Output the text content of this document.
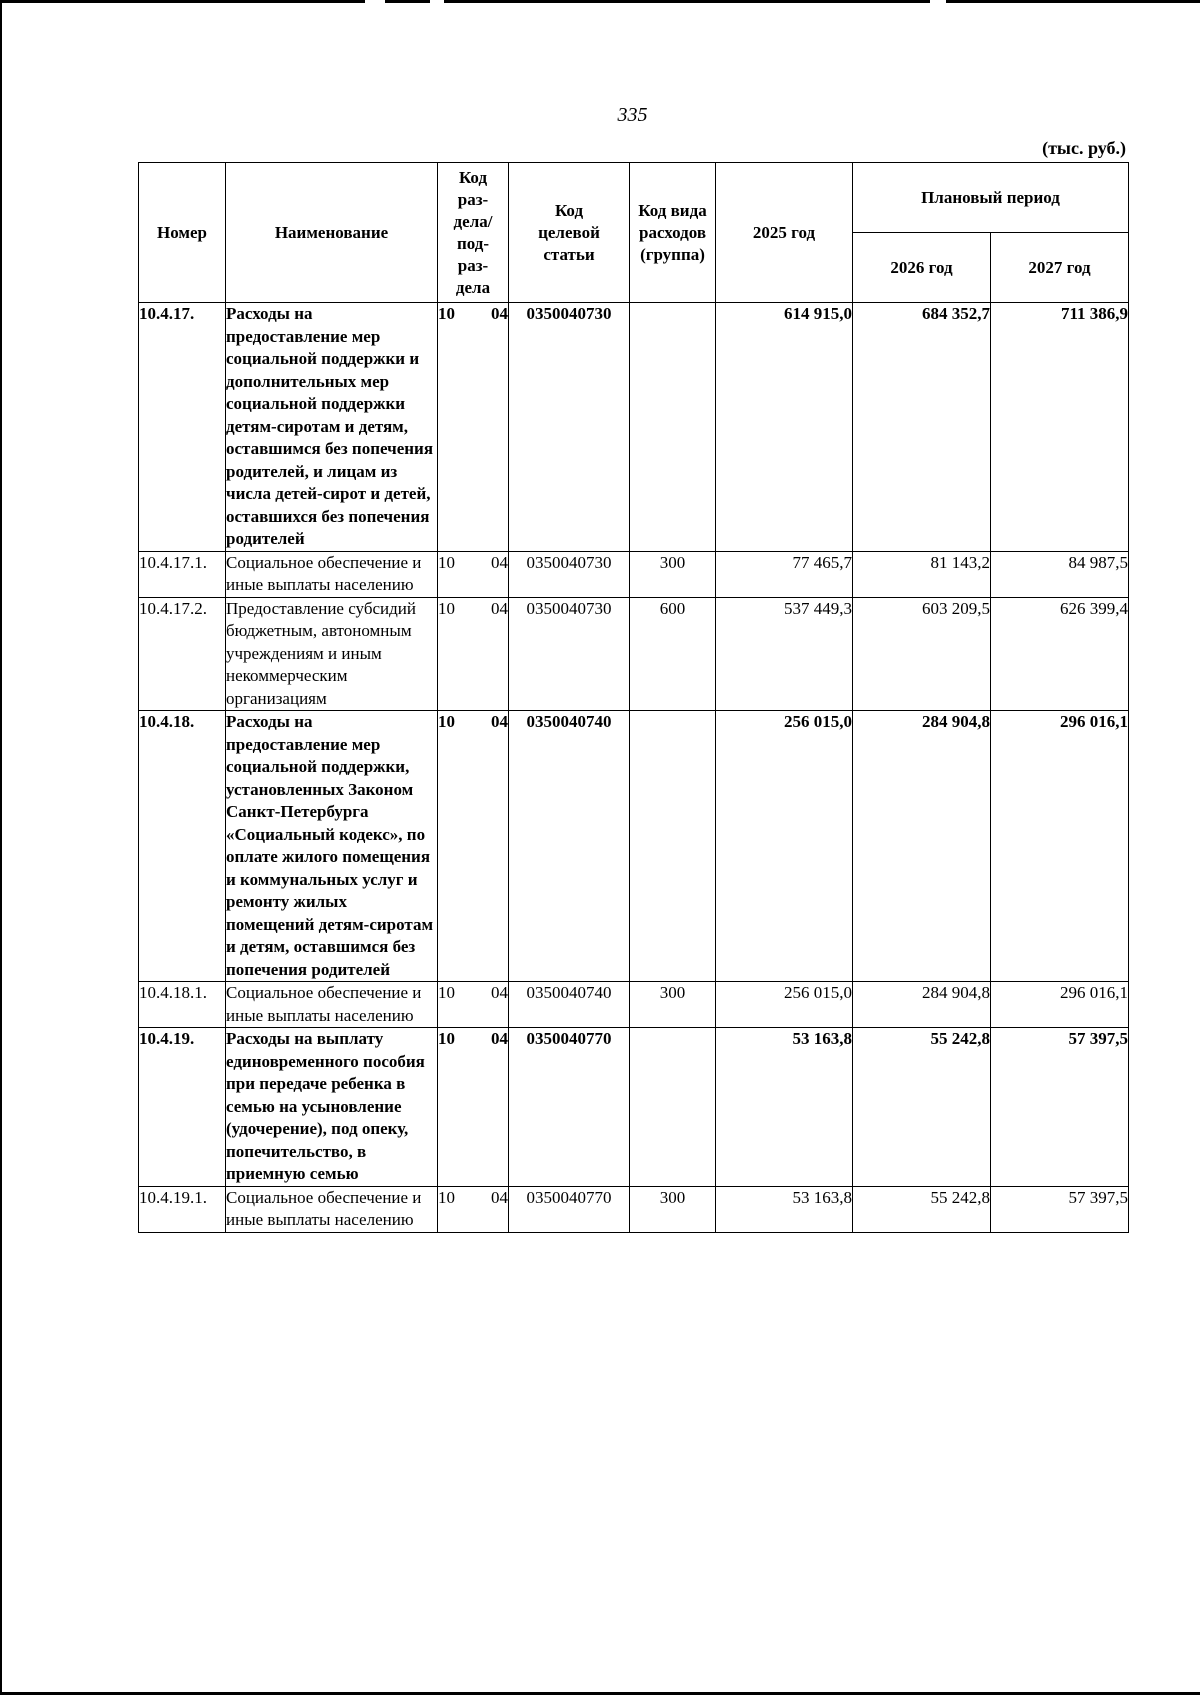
335
(тыс. руб.)
Номер	Наименование	Код раз-дела/ под-раз-дела	Код целевой статьи	Код вида расходов (группа)	2025 год	Плановый период	
						2026 год	2027 год
10.4.17.	Расходы на предоставление мер социальной поддержки и дополнительных мер социальной поддержки детям-сиротам и детям, оставшимся без попечения родителей, и лицам из числа детей-сирот и детей, оставшихся без попечения родителей	10 04	0350040730		614 915,0	684 352,7	711 386,9
10.4.17.1.	Социальное обеспечение и иные выплаты населению	10 04	0350040730	300	77 465,7	81 143,2	84 987,5
10.4.17.2.	Предоставление субсидий бюджетным, автономным учреждениям и иным некоммерческим организациям	10 04	0350040730	600	537 449,3	603 209,5	626 399,4
10.4.18.	Расходы на предоставление мер социальной поддержки, установленных Законом Санкт-Петербурга «Социальный кодекс», по оплате жилого помещения и коммунальных услуг и ремонту жилых помещений детям-сиротам и детям, оставшимся без попечения родителей	10 04	0350040740		256 015,0	284 904,8	296 016,1
10.4.18.1.	Социальное обеспечение и иные выплаты населению	10 04	0350040740	300	256 015,0	284 904,8	296 016,1
10.4.19.	Расходы на выплату единовременного пособия при передаче ребенка в семью на усыновление (удочерение), под опеку, попечительство, в приемную семью	10 04	0350040770		53 163,8	55 242,8	57 397,5
10.4.19.1.	Социальное обеспечение и иные выплаты населению	10 04	0350040770	300	53 163,8	55 242,8	57 397,5
